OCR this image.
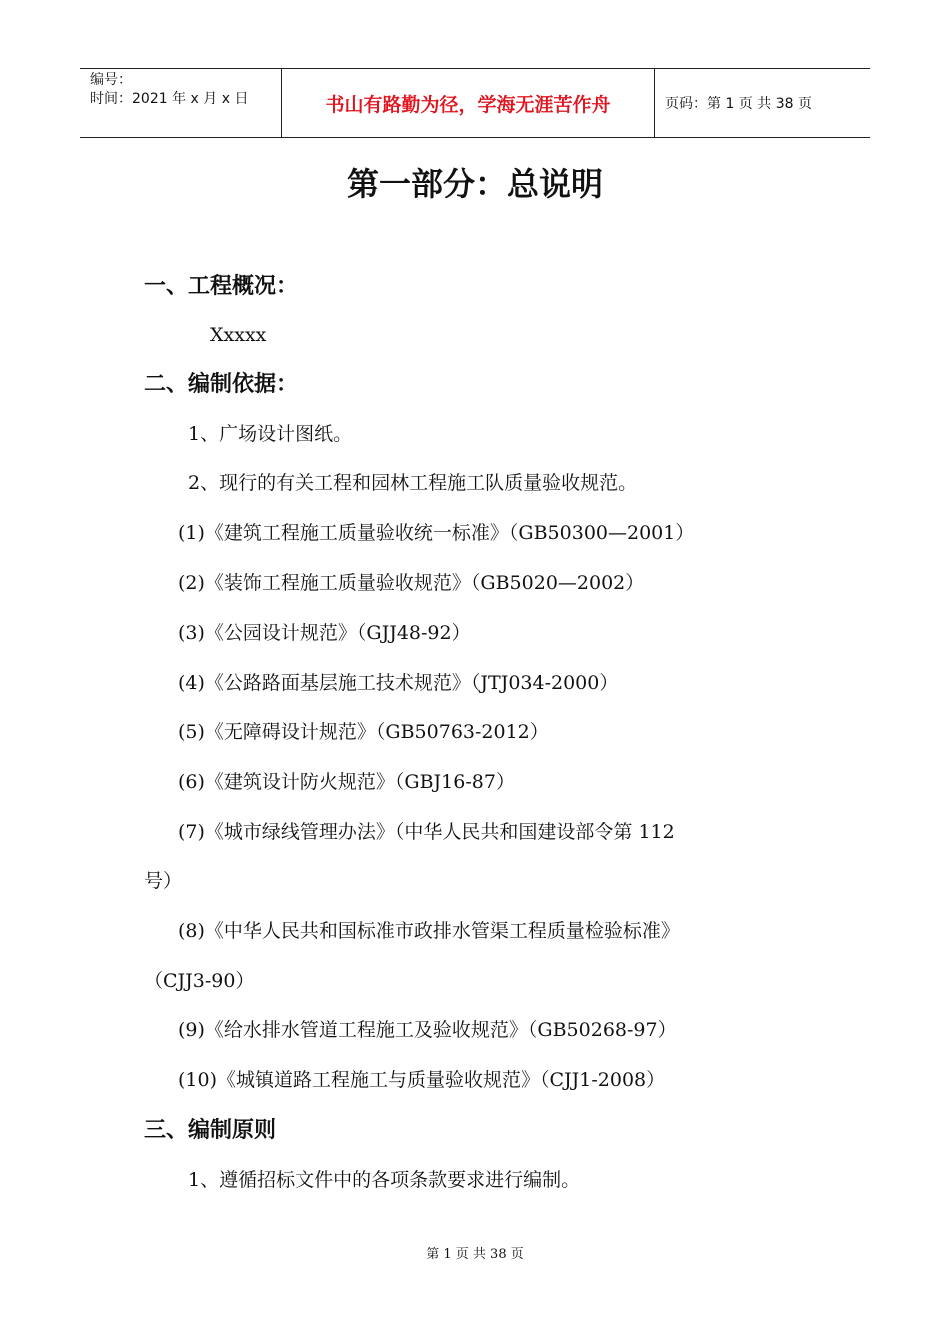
编号：
时间：2021 年 x 月 x 日	书山有路勤为径，学海无涯苦作舟	页码：第 1 页 共 38 页
第一部分：总说明
一、工程概况：
Xxxxx
二、编制依据：
1、广场设计图纸。
2、现行的有关工程和园林工程施工队质量验收规范。
(1)《建筑工程施工质量验收统一标准》（GB50300—2001）
(2)《装饰工程施工质量验收规范》（GB5020—2002）
(3)《公园设计规范》（GJJ48-92）
(4)《公路路面基层施工技术规范》（JTJ034-2000）
(5)《无障碍设计规范》（GB50763-2012）
(6)《建筑设计防火规范》（GBJ16-87）
(7)《城市绿线管理办法》（中华人民共和国建设部令第 112
号）
(8)《中华人民共和国标准市政排水管渠工程质量检验标准》
（CJJ3-90）
(9)《给水排水管道工程施工及验收规范》（GB50268-97）
(10)《城镇道路工程施工与质量验收规范》（CJJ1-2008）
三、编制原则
1、遵循招标文件中的各项条款要求进行编制。
第 1 页 共 38 页
